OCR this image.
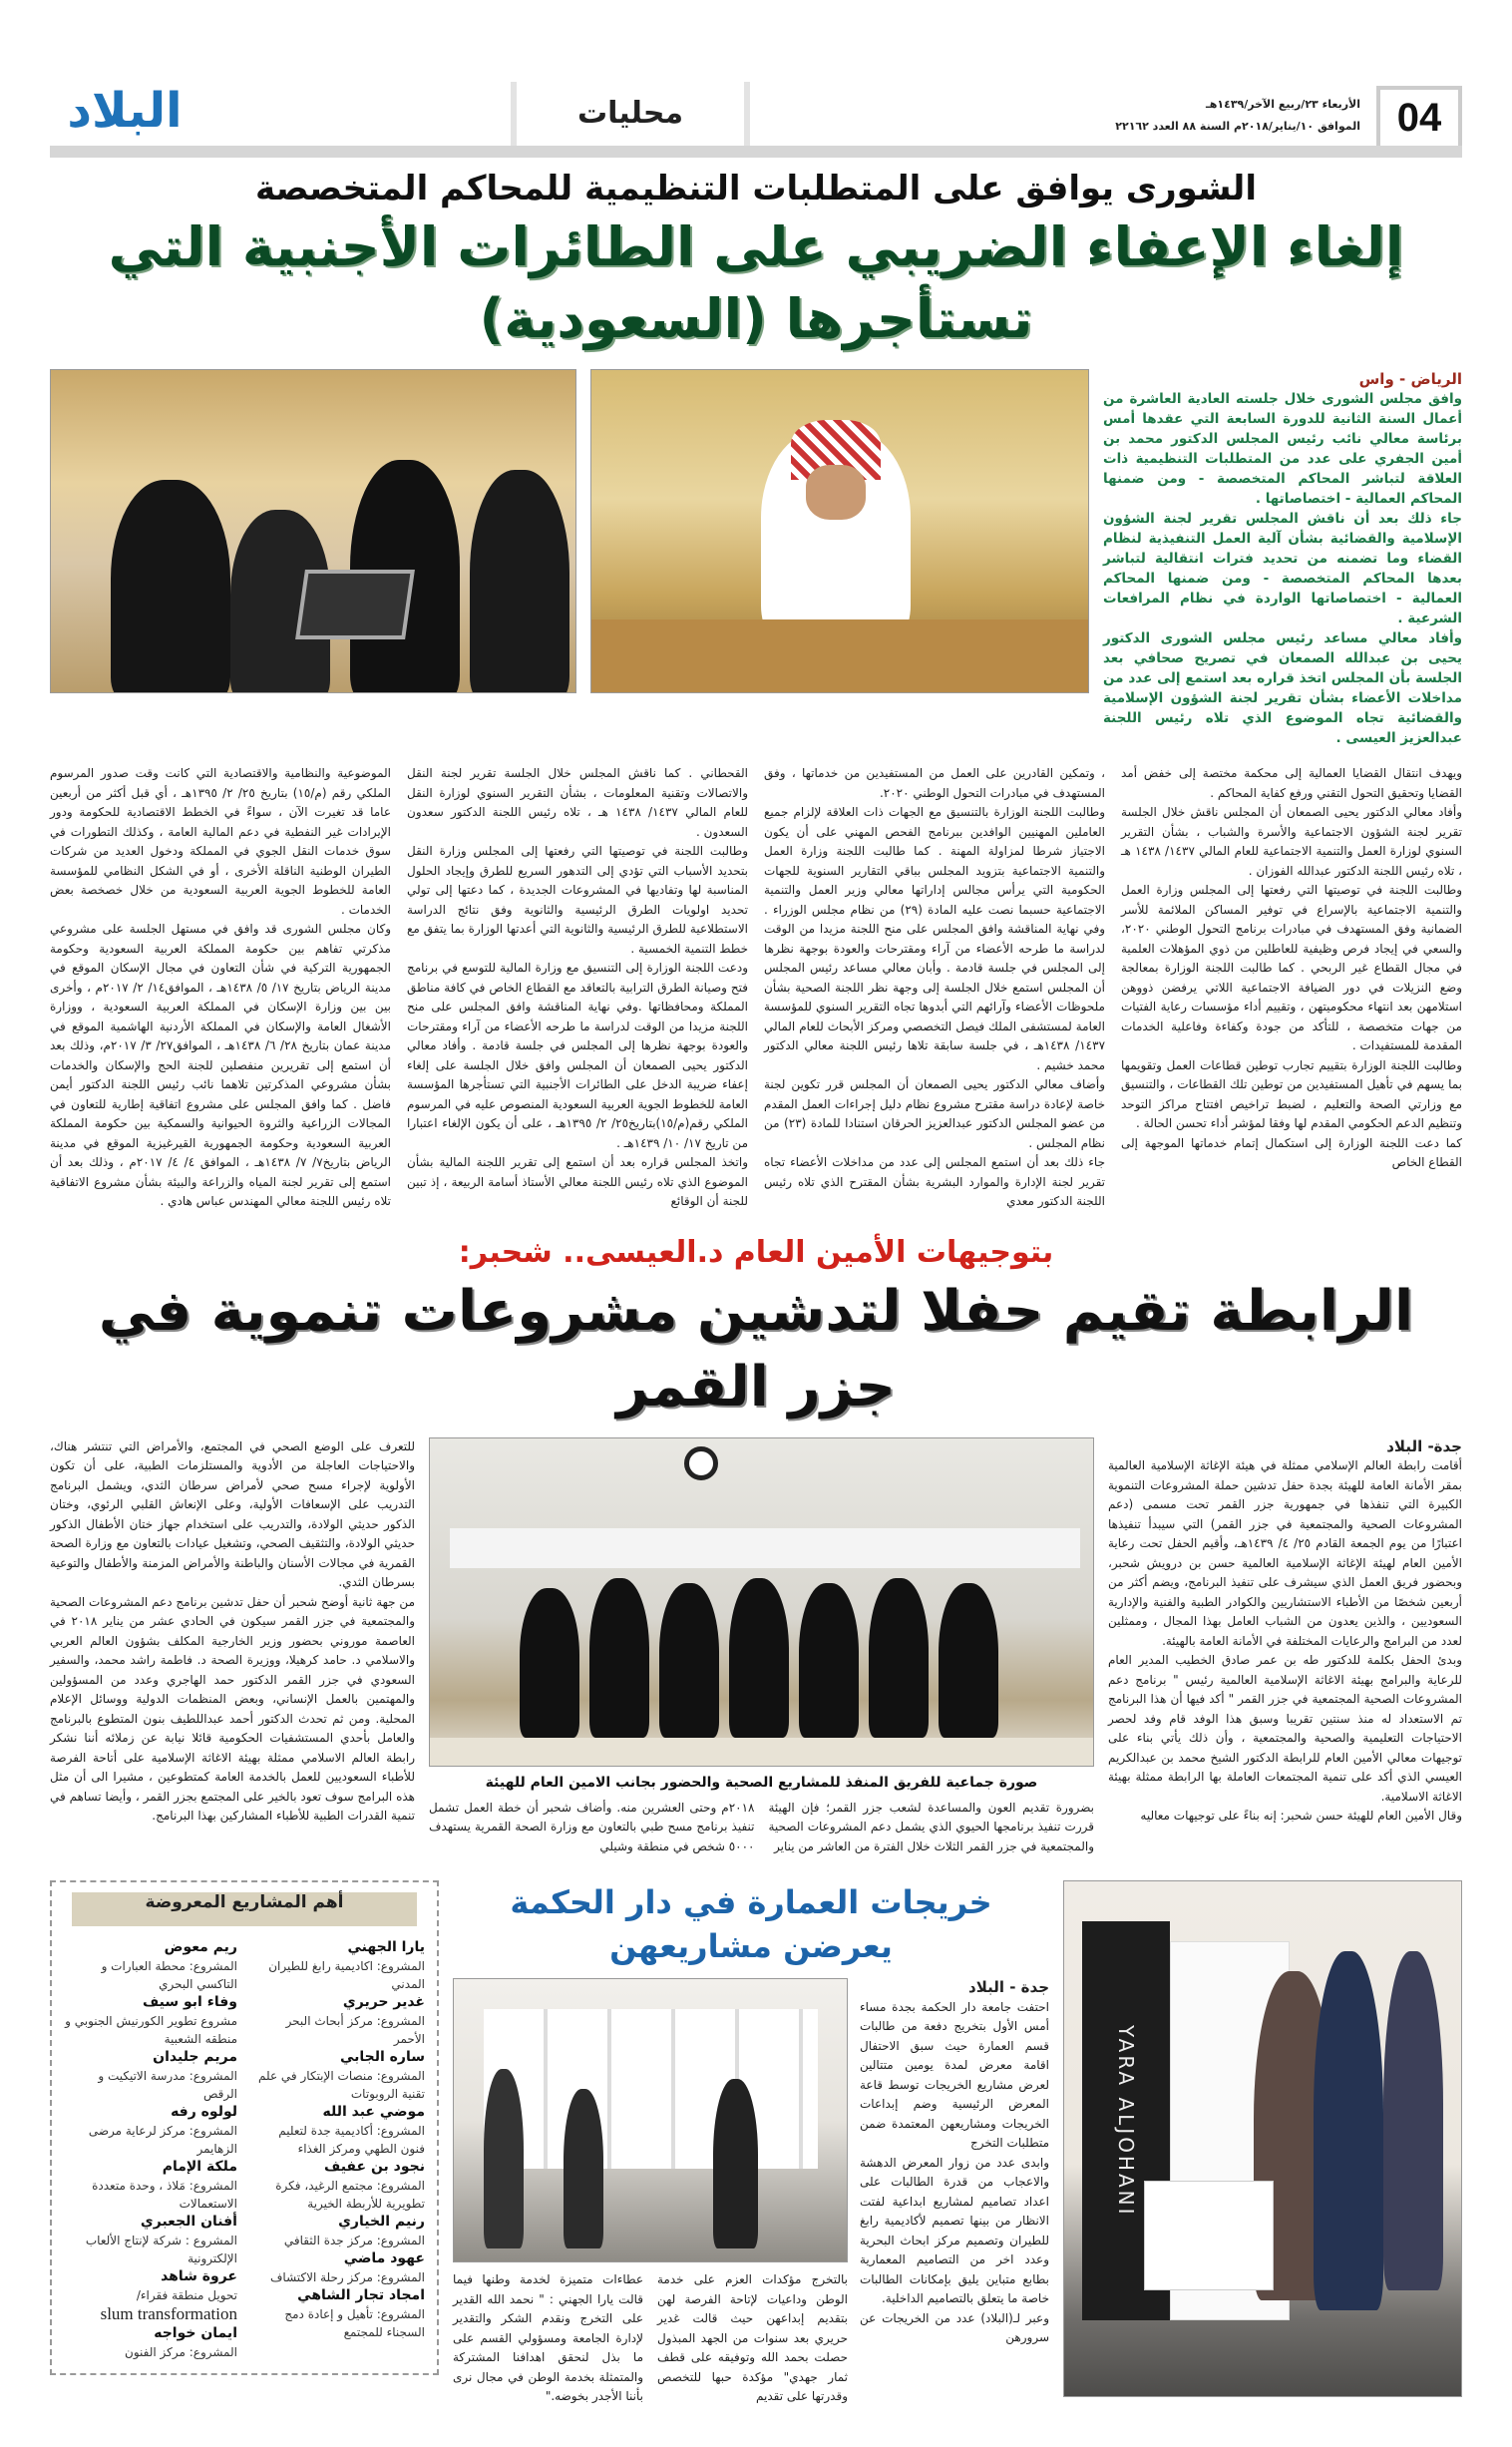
04
الأربعاء ٢٣/ربيع الآخر/١٤٣٩هـ
الموافق ١٠/يناير/٢٠١٨م السنة ٨٨ العدد ٢٢١٦٢
محليات
البلاد
الشورى يوافق على المتطلبات التنظيمية للمحاكم المتخصصة
إلغاء الإعفاء الضريبي على الطائرات الأجنبية التي تستأجرها (السعودية)

الرياض - واس

وافق مجلس الشورى خلال جلسته العادية العاشرة من أعمال السنة الثانية للدورة السابعة التي عقدها أمس برئاسة معالي نائب رئيس المجلس الدكتور محمد بن أمين الجفري على عدد من المتطلبات التنظيمية ذات العلاقة لتباشر المحاكم المتخصصة - ومن ضمنها المحاكم العمالية - اختصاصاتها .

جاء ذلك بعد أن ناقش المجلس تقرير لجنة الشؤون الإسلامية والقضائية بشأن آلية العمل التنفيذية لنظام القضاء وما تضمنه من تحديد فترات انتقالية لتباشر بعدها المحاكم المتخصصة - ومن ضمنها المحاكم العمالية - اختصاصاتها الواردة في نظام المرافعات الشرعية .

وأفاد معالي مساعد رئيس مجلس الشورى الدكتور يحيى بن عبدالله الصمعان في تصريح صحافي بعد الجلسة بأن المجلس اتخذ قراره بعد استمع إلى عدد من مداخلات الأعضاء بشأن تقرير لجنة الشؤون الإسلامية والقضائية تجاه الموضوع الذي تلاه رئيس اللجنة عبدالعزيز العيسى .

ويهدف انتقال القضايا العمالية إلى محكمة مختصة إلى خفض أمد القضايا وتحقيق التحول التقني ورفع كفاية المحاكم .

وأفاد معالي الدكتور يحيى الصمعان أن المجلس ناقش خلال الجلسة تقرير لجنة الشؤون الاجتماعية والأسرة والشباب ، بشأن التقرير السنوي لوزارة العمل والتنمية الاجتماعية للعام المالي ١٤٣٧/ ١٤٣٨ هـ ، تلاه رئيس اللجنة الدكتور عبدالله الفوزان .

وطالبت اللجنة في توصيتها التي رفعتها إلى المجلس وزارة العمل والتنمية الاجتماعية بالإسراع في توفير المساكن الملائمة للأسر الضمانية وفق المستهدف في مبادرات برنامج التحول الوطني ٢٠٢٠، والسعي في إيجاد فرص وظيفية للعاطلين من ذوي المؤهلات العلمية في مجال القطاع غير الربحي . كما طالبت اللجنة الوزارة بمعالجة وضع النزيلات في دور الضيافة الاجتماعية اللاتي يرفضن ذووهن استلامهن بعد انتهاء محكوميتهن ، وتقييم أداء مؤسسات رعاية الفتيات من جهات متخصصة ، للتأكد من جودة وكفاءة وفاعلية الخدمات المقدمة للمستفيدات .

وطالبت اللجنة الوزارة بتقييم تجارب توطين قطاعات العمل وتقويمها بما يسهم في تأهيل المستفيدين من توطين تلك القطاعات ، والتنسيق مع وزارتي الصحة والتعليم ، لضبط تراخيص افتتاح مراكز التوحد وتنظيم الدعم الحكومي المقدم لها وفقا لمؤشر أداء تحسن الحالة .

كما دعت اللجنة الوزارة إلى استكمال إتمام خدماتها الموجهة إلى القطاع الخاص

، وتمكين القادرين على العمل من المستفيدين من خدماتها ، وفق المستهدف في مبادرات التحول الوطني ٢٠٢٠.

وطالبت اللجنة الوزارة بالتنسيق مع الجهات ذات العلاقة لإلزام جميع العاملين المهنيين الوافدين ببرنامج الفحص المهني على أن يكون الاجتياز شرطا لمزاولة المهنة . كما طالبت اللجنة وزارة العمل والتنمية الاجتماعية بتزويد المجلس بباقي التقارير السنوية للجهات الحكومية التي يرأس مجالس إداراتها معالي وزير العمل والتنمية الاجتماعية حسبما نصت عليه المادة (٢٩) من نظام مجلس الوزراء . وفي نهاية المناقشة وافق المجلس على منح اللجنة مزيدا من الوقت لدراسة ما طرحه الأعضاء من آراء ومقترحات والعودة بوجهة نظرها إلى المجلس في جلسة قادمة . وأبان معالي مساعد رئيس المجلس أن المجلس استمع خلال الجلسة إلى وجهة نظر اللجنة الصحية بشأن ملحوظات الأعضاء وآرائهم التي أبدوها تجاه التقرير السنوي للمؤسسة العامة لمستشفى الملك فيصل التخصصي ومركز الأبحاث للعام المالي ١٤٣٧/ ١٤٣٨هـ ، في جلسة سابقة تلاها رئيس اللجنة معالي الدكتور محمد خشيم .

وأضاف معالي الدكتور يحيى الصمعان أن المجلس قرر تكوين لجنة خاصة لإعادة دراسة مقترح مشروع نظام دليل إجراءات العمل المقدم من عضو المجلس الدكتور عبدالعزيز الحرقان استنادا للمادة (٢٣) من نظام المجلس .

جاء ذلك بعد أن استمع المجلس إلى عدد من مداخلات الأعضاء تجاه تقرير لجنة الإدارة والموارد البشرية بشأن المقترح الذي تلاه رئيس اللجنة الدكتور معدي

القحطاني . كما ناقش المجلس خلال الجلسة تقرير لجنة النقل والاتصالات وتقنية المعلومات ، بشأن التقرير السنوي لوزارة النقل للعام المالي ١٤٣٧/ ١٤٣٨ هـ ، تلاه رئيس اللجنة الدكتور سعدون السعدون .

وطالبت اللجنة في توصيتها التي رفعتها إلى المجلس وزارة النقل بتحديد الأسباب التي تؤدي إلى التدهور السريع للطرق وإيجاد الحلول المناسبة لها وتفاديها في المشروعات الجديدة ، كما دعتها إلى تولي تحديد اولويات الطرق الرئيسية والثانوية وفق نتائج الدراسة الاستطلاعية للطرق الرئيسية والثانوية التي أعدتها الوزارة بما يتفق مع خطط التنمية الخمسية .

ودعت اللجنة الوزارة إلى التنسيق مع وزارة المالية للتوسع في برنامج فتح وصيانة الطرق الترابية بالتعاقد مع القطاع الخاص في كافة مناطق المملكة ومحافظاتها .وفي نهاية المناقشة وافق المجلس على منح اللجنة مزيدا من الوقت لدراسة ما طرحه الأعضاء من آراء ومقترحات والعودة بوجهة نظرها إلى المجلس في جلسة قادمة . وأفاد معالي الدكتور يحيى الصمعان أن المجلس وافق خلال الجلسة على إلغاء إعفاء ضريبة الدخل على الطائرات الأجنبية التي تستأجرها المؤسسة العامة للخطوط الجوية العربية السعودية المنصوص عليه في المرسوم الملكي رقم(م/١٥)بتاريخ٢٥/ ٢/ ١٣٩٥هـ ، على أن يكون الإلغاء اعتبارا من تاريخ ١٧/ ١٠/ ١٤٣٩هـ .

واتخذ المجلس قراره بعد أن استمع إلى تقرير اللجنة المالية بشأن الموضوع الذي تلاه رئيس اللجنة معالي الأستاذ أسامة الربيعة ، إذ تبين للجنة أن الوقائع

الموضوعية والنظامية والاقتصادية التي كانت وقت صدور المرسوم الملكي رقم (م/١٥) بتاريخ ٢٥/ ٢/ ١٣٩٥هـ ، أي قبل أكثر من أربعين عاما قد تغيرت الآن ، سواءً في الخطط الاقتصادية للحكومة ودور الإيرادات غير النفطية في دعم المالية العامة ، وكذلك التطورات في سوق خدمات النقل الجوي في المملكة ودخول العديد من شركات الطيران الوطنية الناقلة الأخرى ، أو في الشكل النظامي للمؤسسة العامة للخطوط الجوية العربية السعودية من خلال خصخصة بعض الخدمات .

وكان مجلس الشورى قد وافق في مستهل الجلسة على مشروعي مذكرتي تفاهم بين حكومة المملكة العربية السعودية وحكومة الجمهورية التركية في شأن التعاون في مجال الإسكان الموقع في مدينة الرياض بتاريخ ١٧/ ٥/ ١٤٣٨هـ ، الموافق١٤/ ٢/ ٢٠١٧م ، وأخرى بين بين وزارة الإسكان في المملكة العربية السعودية ، ووزارة الأشغال العامة والإسكان في المملكة الأردنية الهاشمية الموقع في مدينة عمان بتاريخ ٢٨/ ٦/ ١٤٣٨هـ ، الموافق٢٧/ ٣/ ٢٠١٧م، وذلك بعد أن استمع إلى تقريرين منفصلين للجنة الحج والإسكان والخدمات بشأن مشروعي المذكرتين تلاهما نائب رئيس اللجنة الدكتور أيمن فاضل . كما وافق المجلس على مشروع اتفاقية إطارية للتعاون في المجالات الزراعية والثروة الحيوانية والسمكية بين حكومة المملكة العربية السعودية وحكومة الجمهورية القيرغيزية الموقع في مدينة الرياض بتاريخ٧/ ٧/ ١٤٣٨هـ ، الموافق ٤/ ٤/ ٢٠١٧م ، وذلك بعد أن استمع إلى تقرير لجنة المياه والزراعة والبيئة بشأن مشروع الاتفاقية تلاه رئيس اللجنة معالي المهندس عباس هادي .

بتوجيهات الأمين العام د.العيسى.. شحبر:
الرابطة تقيم حفلا لتدشين مشروعات تنموية في جزر القمر

جدة- البلاد

أقامت رابطة العالم الإسلامي ممثلة في هيئة الإغاثة الإسلامية العالمية بمقر الأمانة العامة للهيئة بجدة حفل تدشين حملة المشروعات التنموية الكبيرة التي تنفذها في جمهورية جزر القمر تحت مسمى (دعم المشروعات الصحية والمجتمعية في جزر القمر) التي سيبدأ تنفيذها اعتبارًا من يوم الجمعة القادم ٢٥/ ٤/ ١٤٣٩هـ، وأقيم الحفل تحت رعاية الأمين العام لهيئة الإغاثة الإسلامية العالمية حسن بن درويش شحبر، وبحضور فريق العمل الذي سيشرف على تنفيذ البرنامج، ويضم أكثر من أربعين شخصًا من الأطباء الاستشاريين والكوادر الطبية والفنية والإدارية السعوديين ، والذين يعدون من الشباب العامل بهذا المجال ، وممثلين لعدد من البرامج والرعايات المختلفة في الأمانة العامة بالهيئة.

وبدئ الحفل بكلمة للدكتور طه بن عمر صادق الخطيب المدير العام للرعاية والبرامج بهيئة الاغاثة الإسلامية العالمية رئيس " برنامج دعم المشروعات الصحية المجتمعية في جزر القمر " أكد فيها أن هذا البرنامج تم الاستعداد له منذ سنتين تقريبا وسبق هذا الوفد قام وفد لحصر الاحتياجات التعليمية والصحية والمجتمعية ، وأن ذلك يأتي بناء على توجيهات معالي الأمين العام للرابطة الدكتور الشيخ محمد بن عبدالكريم العيسي الذي أكد على تنمية المجتمعات العاملة بها الرابطة ممثلة بهيئة الاغاثة الاسلامية.

وقال الأمين العام للهيئة حسن شحبر: إنه بناءً على توجيهات معاليه

صورة جماعية للفريق المنفذ للمشاريع الصحية والحضور بجانب الامين العام للهيئة
بضرورة تقديم العون والمساعدة لشعب جزر القمر؛ فإن الهيئة قررت تنفيذ برنامجها الحيوي الذي يشمل دعم المشروعات الصحية والمجتمعية في جزر القمر الثلاث خلال الفترة من العاشر من يناير
٢٠١٨م وحتى العشرين منه. وأضاف شحبر أن خطة العمل تشمل تنفيذ برنامج مسح طبي بالتعاون مع وزارة الصحة القمرية يستهدف ٥٠٠٠ شخص في منطقة وشيلي

للتعرف على الوضع الصحي في المجتمع، والأمراض التي تنتشر هناك، والاحتياجات العاجلة من الأدوية والمستلزمات الطبية، على أن تكون الأولوية لإجراء مسح صحي لأمراض سرطان الثدي، ويشمل البرنامج التدريب على الإسعافات الأولية، وعلى الإنعاش القلبي الرئوي، وختان الذكور حديثي الولادة، والتدريب على استخدام جهاز ختان الأطفال الذكور حديثي الولادة، والتثقيف الصحي، وتشغيل عيادات بالتعاون مع وزارة الصحة القمرية في مجالات الأسنان والباطنة والأمراض المزمنة والأطفال والتوعية بسرطان الثدي.

من جهة ثانية أوضح شحبر أن حفل تدشين برنامج دعم المشروعات الصحية والمجتمعية في جزر القمر سيكون في الحادي عشر من يناير ٢٠١٨ في العاصمة موروني بحضور وزير الخارجية المكلف بشؤون العالم العربي والاسلامي د. حامد كرهيلا، ووزيرة الصحة د. فاطمة راشد محمد، والسفير السعودي في جزر القمر الدكتور حمد الهاجري وعدد من المسؤولين والمهتمين بالعمل الإنساني، وبعض المنظمات الدولية ووسائل الإعلام المحلية. ومن ثم تحدث الدكتور أحمد عبداللطيف بنون المتطوع بالبرنامج والعامل بأحدي المستشفيات الحكومية قائلا نيابة عن زملائه أننا نشكر رابطة العالم الاسلامي ممثلة بهيئة الاغاثة الإسلامية على أتاحة الفرصة للأطباء السعوديين للعمل بالخدمة العامة كمتطوعين ، مشيرا الى أن مثل هذه البرامج سوف تعود بالخير على المجتمع بجزر القمر ، وأيضا تساهم في تنمية القدرات الطبية للأطباء المشاركين بهذا البرنامج.

YARA ALJOHANI
خريجات العمارة في دار الحكمة يعرضن مشاريعهن

جدة - البلاد

احتفت جامعة دار الحكمة بجدة مساء أمس الأول بتخريج دفعة من طالبات قسم العمارة حيث سبق الاحتفال اقامة معرض لمدة يومين متتالين لعرض مشاريع الخريجات توسط قاعة المعرض الرئيسية وضم إبداعات الخريجات ومشاريعهن المعتمدة ضمن متطلبات التخرج

وابدى عدد من زوار المعرض الدهشة والاعجاب من قدرة الطالبات على اعداد تصاميم لمشاريع ابداعية لفتت الانظار من بينها تصميم لأكاديمية رابغ للطيران وتصميم مركز ابحاث البحرية وعدد اخر من التصاميم المعمارية بطابع متباين يليق بإمكانات الطالبات خاصة ما يتعلق بالتصاميم الداخلية.

وعبر لـ(البلاد) عدد من الخريجات عن سرورهن

بالتخرج مؤكدات العزم على خدمة الوطن وداعيات لإتاحة الفرصة لهن بتقديم إبداعهن حيث قالت غدير حريري بعد سنوات من الجهد المبذول حصلت بحمد الله وتوفيقه على قطف ثمار جهدي" مؤكدة حبها للتخصص وقدرتها على تقديم
عطاءات متميزة لخدمة وطنها فيما قالت يارا الجهني : " نحمد الله القدير على التخرج ونقدم الشكر والتقدير لإدارة الجامعة ومسؤولي القسم على ما بذل لنحقق اهدافنا المشتركة والمتمثلة بخدمة الوطن في مجال نرى بأننا الأجدر بخوضه."
أهم المشاريع المعروضة
يارا الجهني
المشروع: اكاديمية رابغ للطيران المدني
غدير حريري
المشروع: مركز أبحاث البحر الأحمر
ساره الجابي
المشروع: منصات الإبتكار في علم تقنية الروبوتات
موضي عبد الله
المشروع: أكاديمية جدة لتعليم فنون الطهي ومركز الغذاء
نجود بن عفيف
المشروع: مجتمع الرغيد، فكرة تطويرية للأربطة الخيرية
رنيم الخياري
المشروع: مركز جدة الثقافي
عهود ماضي
المشروع: مركز رحلة الاكتشاف
امجاد تجار الشاهي
المشروع: تأهيل و إعادة دمج السجناء للمجتمع
ريم معوض
المشروع: محطة العبارات و التاكسي البحري
وفاء ابو سيف
مشروع تطوير الكورنيش الجنوبي و منطقه الشعبية
مريم جليدان
المشروع: مدرسة الاتيكيت و الرقص
لولوه رفه
المشروع: مركز لرعاية مرضى الزهايمر
ملكة الإمام
المشروع: مَلاذ ، وحدة متعددة الاستعمالات
أفنان الجعبري
المشروع : شركة لإنتاج الألعاب الإلكترونية
عروة شاهد
تحويل منطقة فقراء/
slum transformation
ايمان خواجه
المشروع: مركز الفنون
